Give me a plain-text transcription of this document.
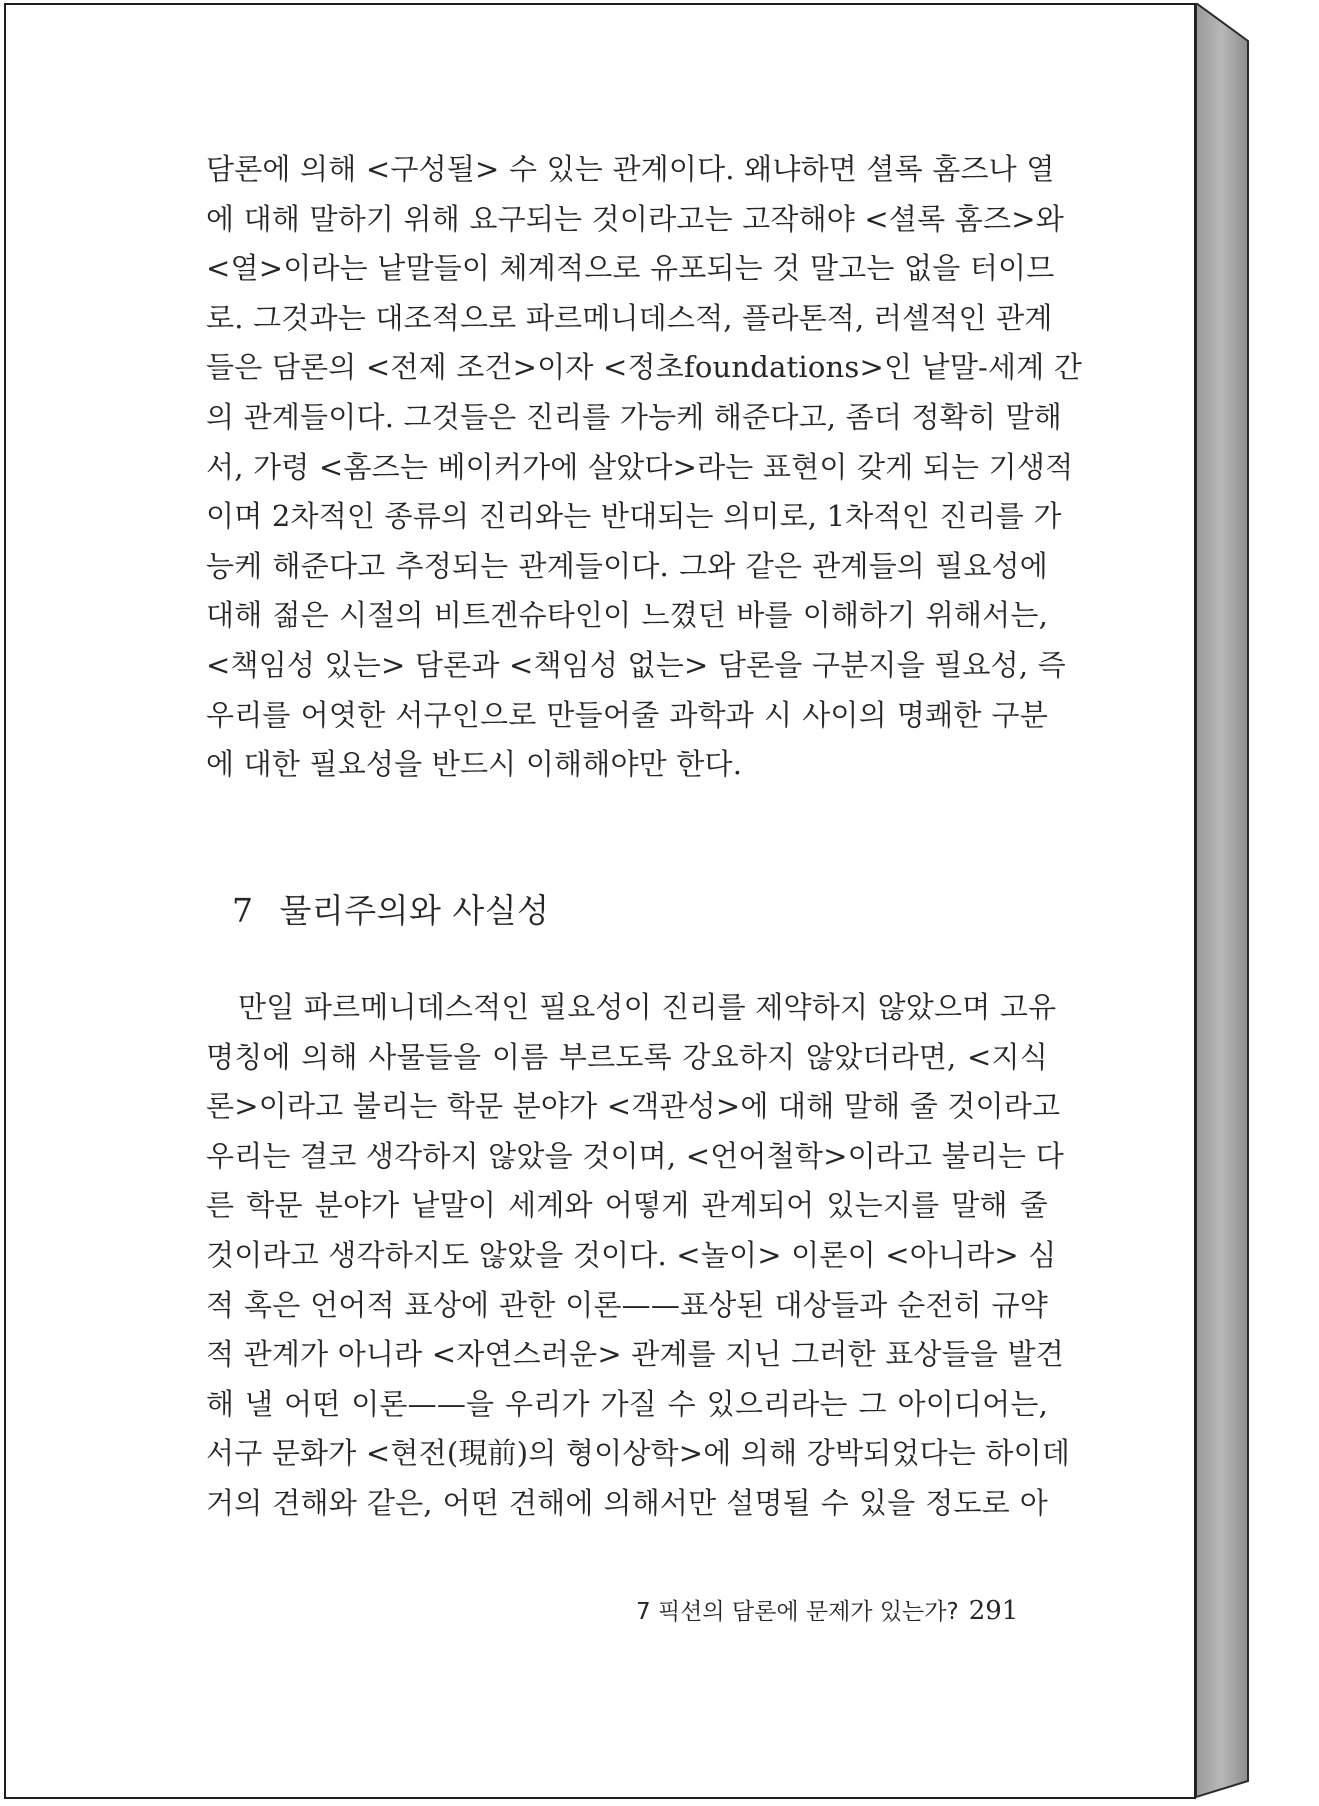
담론에 의해 <구성될> 수 있는 관계이다. 왜냐하면 셜록 홈즈나 열
에 대해 말하기 위해 요구되는 것이라고는 고작해야 <셜록 홈즈>와
<열>이라는 낱말들이 체계적으로 유포되는 것 말고는 없을 터이므
로. 그것과는 대조적으로 파르메니데스적, 플라톤적, 러셀적인 관계
들은 담론의 <전제 조건>이자 <정초foundations>인 낱말-세계 간
의 관계들이다. 그것들은 진리를 가능케 해준다고, 좀더 정확히 말해
서, 가령 <홈즈는 베이커가에 살았다>라는 표현이 갖게 되는 기생적
이며 2차적인 종류의 진리와는 반대되는 의미로, 1차적인 진리를 가
능케 해준다고 추정되는 관계들이다. 그와 같은 관계들의 필요성에
대해 젊은 시절의 비트겐슈타인이 느꼈던 바를 이해하기 위해서는,
<책임성 있는> 담론과 <책임성 없는> 담론을 구분지을 필요성, 즉
우리를 어엿한 서구인으로 만들어줄 과학과 시 사이의 명쾌한 구분
에 대한 필요성을 반드시 이해해야만 한다.
7 물리주의와 사실성
만일 파르메니데스적인 필요성이 진리를 제약하지 않았으며 고유
명칭에 의해 사물들을 이름 부르도록 강요하지 않았더라면, <지식
론>이라고 불리는 학문 분야가 <객관성>에 대해 말해 줄 것이라고
우리는 결코 생각하지 않았을 것이며, <언어철학>이라고 불리는 다
른 학문 분야가 낱말이 세계와 어떻게 관계되어 있는지를 말해 줄
것이라고 생각하지도 않았을 것이다. <놀이> 이론이 <아니라> 심
적 혹은 언어적 표상에 관한 이론——표상된 대상들과 순전히 규약
적 관계가 아니라 <자연스러운> 관계를 지닌 그러한 표상들을 발견
해 낼 어떤 이론——을 우리가 가질 수 있으리라는 그 아이디어는,
서구 문화가 <현전(現前)의 형이상학>에 의해 강박되었다는 하이데
거의 견해와 같은, 어떤 견해에 의해서만 설명될 수 있을 정도로 아
7 픽션의 담론에 문제가 있는가? 291
